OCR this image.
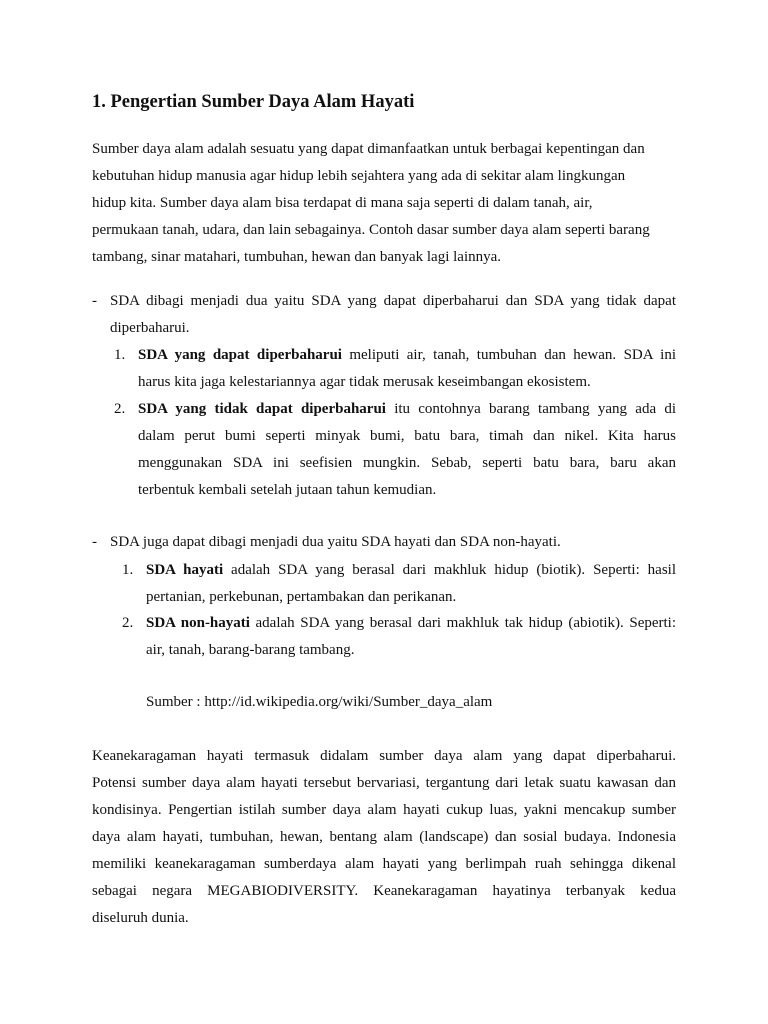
1. Pengertian Sumber Daya Alam Hayati
Sumber daya alam adalah sesuatu yang dapat dimanfaatkan untuk berbagai kepentingan dan
kebutuhan hidup manusia agar hidup lebih sejahtera yang ada di sekitar alam lingkungan
hidup kita. Sumber daya alam bisa terdapat di mana saja seperti di dalam tanah, air,
permukaan tanah, udara, dan lain sebagainya. Contoh dasar sumber daya alam seperti barang
tambang, sinar matahari, tumbuhan, hewan dan banyak lagi lainnya.
- SDA dibagi menjadi dua yaitu SDA yang dapat diperbaharui dan SDA yang tidak dapat
diperbaharui.
1. SDA yang dapat diperbaharui meliputi air, tanah, tumbuhan dan hewan. SDA ini
harus kita jaga kelestariannya agar tidak merusak keseimbangan ekosistem.
2. SDA yang tidak dapat diperbaharui itu contohnya barang tambang yang ada di
dalam perut bumi seperti minyak bumi, batu bara, timah dan nikel. Kita harus
menggunakan SDA ini seefisien mungkin. Sebab, seperti batu bara, baru akan
terbentuk kembali setelah jutaan tahun kemudian.
- SDA juga dapat dibagi menjadi dua yaitu SDA hayati dan SDA non-hayati.
1. SDA hayati adalah SDA yang berasal dari makhluk hidup (biotik). Seperti: hasil
pertanian, perkebunan, pertambakan dan perikanan.
2. SDA non-hayati adalah SDA yang berasal dari makhluk tak hidup (abiotik). Seperti:
air, tanah, barang-barang tambang.
Sumber : http://id.wikipedia.org/wiki/Sumber_daya_alam
Keanekaragaman hayati termasuk didalam sumber daya alam yang dapat diperbaharui.
Potensi sumber daya alam hayati tersebut bervariasi, tergantung dari letak suatu kawasan dan
kondisinya. Pengertian istilah sumber daya alam hayati cukup luas, yakni mencakup sumber
daya alam hayati, tumbuhan, hewan, bentang alam (landscape) dan sosial budaya. Indonesia
memiliki keanekaragaman sumberdaya alam hayati yang berlimpah ruah sehingga dikenal
sebagai negara MEGABIODIVERSITY. Keanekaragaman hayatinya terbanyak kedua
diseluruh dunia.
